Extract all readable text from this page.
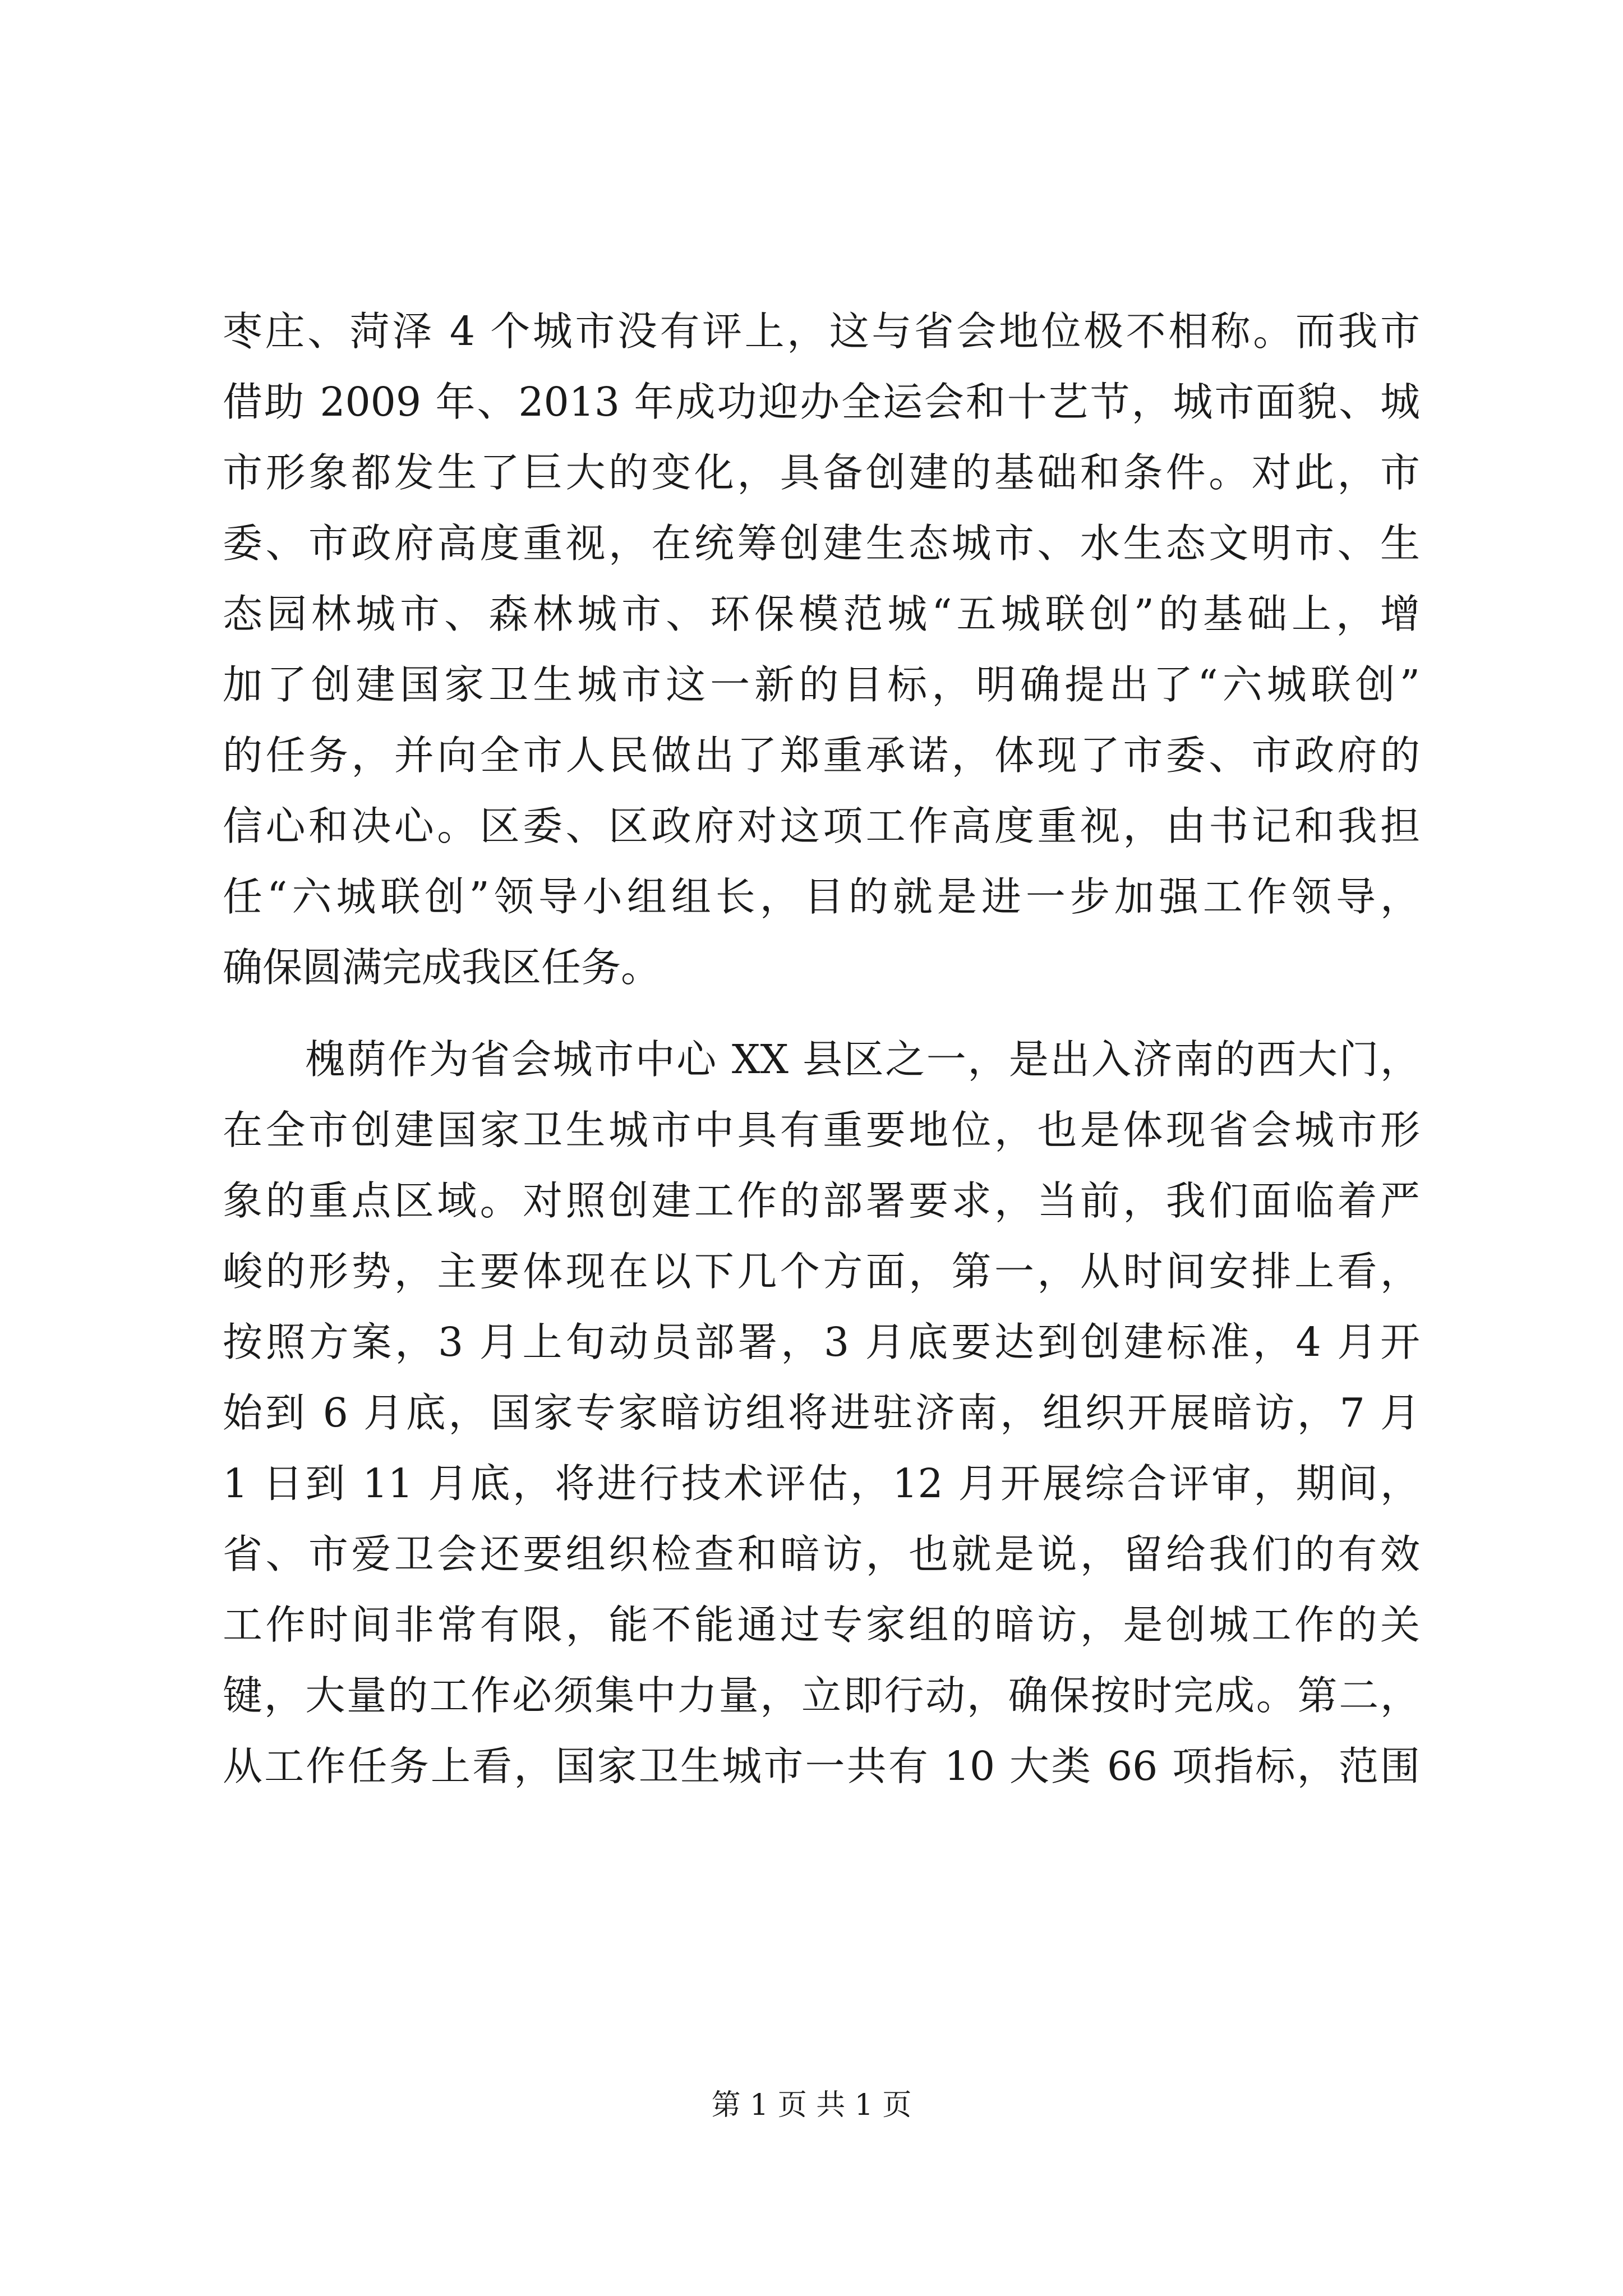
枣庄、菏泽 4 个城市没有评上，这与省会地位极不相称。而我市
借助 2009 年、2013 年成功迎办全运会和十艺节，城市面貌、城
市形象都发生了巨大的变化，具备创建的基础和条件。对此，市
委、市政府高度重视，在统筹创建生态城市、水生态文明市、生
态园林城市、森林城市、环保模范城“五城联创”的基础上，增
加了创建国家卫生城市这一新的目标，明确提出了“六城联创”
的任务，并向全市人民做出了郑重承诺，体现了市委、市政府的
信心和决心。区委、区政府对这项工作高度重视，由书记和我担
任“六城联创”领导小组组长，目的就是进一步加强工作领导，
确保圆满完成我区任务。
　　槐荫作为省会城市中心 XX 县区之一，是出入济南的西大门，
在全市创建国家卫生城市中具有重要地位，也是体现省会城市形
象的重点区域。对照创建工作的部署要求，当前，我们面临着严
峻的形势，主要体现在以下几个方面，第一，从时间安排上看，
按照方案，3 月上旬动员部署，3 月底要达到创建标准，4 月开
始到 6 月底，国家专家暗访组将进驻济南，组织开展暗访，7 月
1 日到 11 月底，将进行技术评估，12 月开展综合评审，期间，
省、市爱卫会还要组织检查和暗访，也就是说，留给我们的有效
工作时间非常有限，能不能通过专家组的暗访，是创城工作的关
键，大量的工作必须集中力量，立即行动，确保按时完成。第二，
从工作任务上看，国家卫生城市一共有 10 大类 66 项指标，范围
第 1 页 共 1 页
